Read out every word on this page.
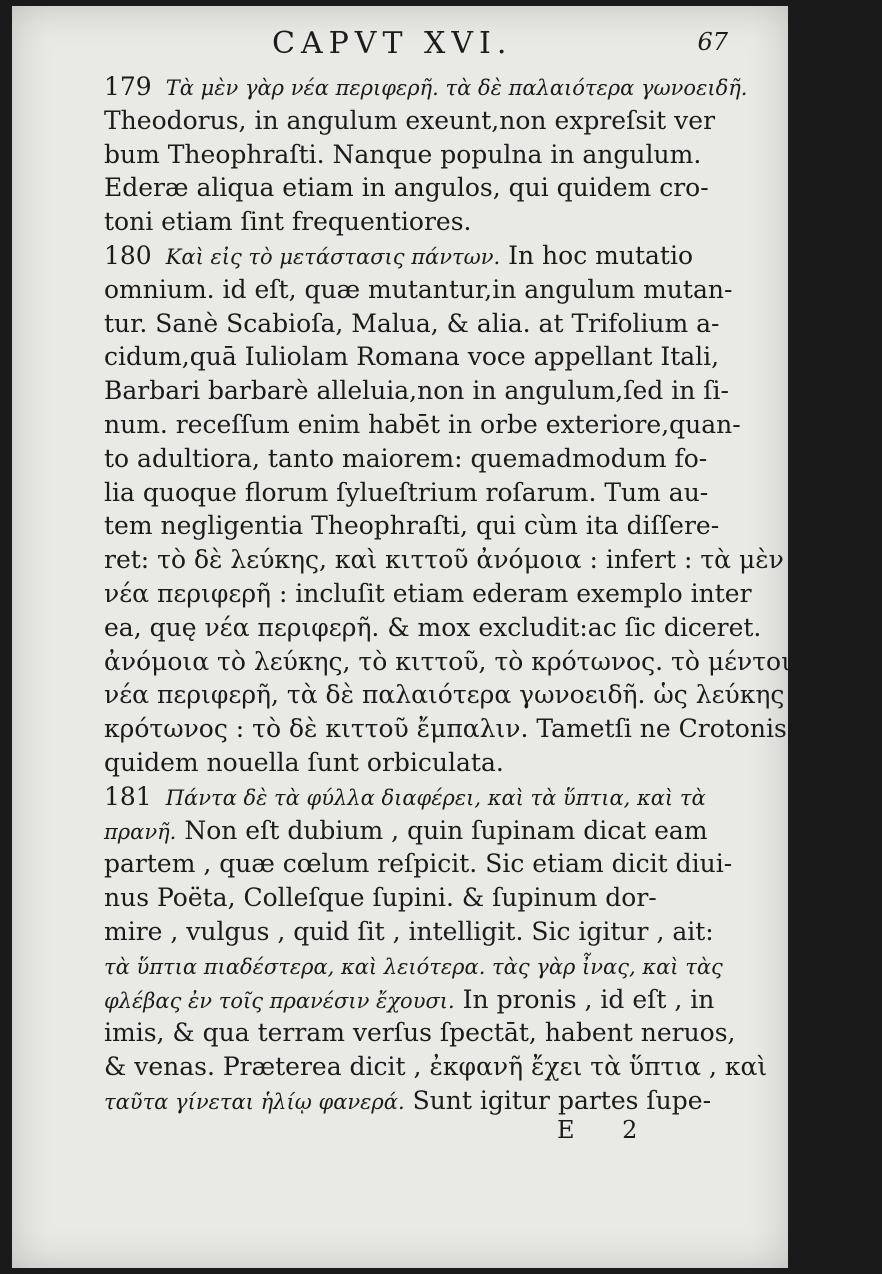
CAPVT XVI.	67
179 Τὰ μὲν γὰρ νέα περιφερῆ. τὰ δὲ παλαιότερα γωνοειδῆ.
Theodorus, in angulum exeunt,non expreſsit ver
bum Theophraſti. Nanque populna in angulum.
Ederæ aliqua etiam in angulos, qui quidem cro-
toni etiam ſint frequentiores.
180 Καὶ εἰς τὸ μετάστασις πάντων. In hoc mutatio
omnium. id eſt, quæ mutantur,in angulum mutan-
tur. Sanè Scabioſa, Malua, & alia. at Trifolium a-
cidum,quā Iuliolam Romana voce appellant Itali,
Barbari barbarè alleluia,non in angulum,ſed in ſi-
num. receſſum enim habēt in orbe exteriore,quan-
to adultiora, tanto maiorem: quemadmodum fo-
lia quoque florum ſylueſtrium roſarum. Tum au-
tem negligentia Theophraſti, qui cùm ita diſſere-
ret: τὸ δὲ λεύκης, καὶ κιττοῦ ἀνόμοια : infert : τὰ μὲν γὰρ
νέα περιφερῆ : incluſit etiam ederam exemplo inter
ea, quę νέα περιφερῆ. & mox excludit:ac ſic diceret.
ἀνόμοια τὸ λεύκης, τὸ κιττοῦ, τὸ κρότωνος. τὸ μέντοι τὰ μὲν
νέα περιφερῆ, τὰ δὲ παλαιότερα γωνοειδῆ. ὡς λεύκης , καὶ
κρότωνος : τὸ δὲ κιττοῦ ἔμπαλιν. Tametſi ne Crotonis
quidem nouella ſunt orbiculata.
181 Πάντα δὲ τὰ φύλλα διαφέρει, καὶ τὰ ὕπτια, καὶ τὰ
πρανῆ. Non eſt dubium , quin ſupinam dicat eam
partem , quæ cœlum reſpicit. Sic etiam dicit diui-
nus Poëta, Colleſque ſupini. & ſupinum dor-
mire , vulgus , quid ſit , intelligit. Sic igitur , ait:
τὰ ὕπτια πιαδέστερα, καὶ λειότερα. τὰς γὰρ ἶνας, καὶ τὰς
φλέβας ἐν τοῖς πρανέσιν ἔχουσι. In pronis , id eſt , in
imis, & qua terram verſus ſpectāt, habent neruos,
& venas. Præterea dicit , ἐκφανῆ ἔχει τὰ ὕπτια , καὶ
ταῦτα γίνεται ἡλίῳ φανερά. Sunt igitur partes ſupe-
E 2
